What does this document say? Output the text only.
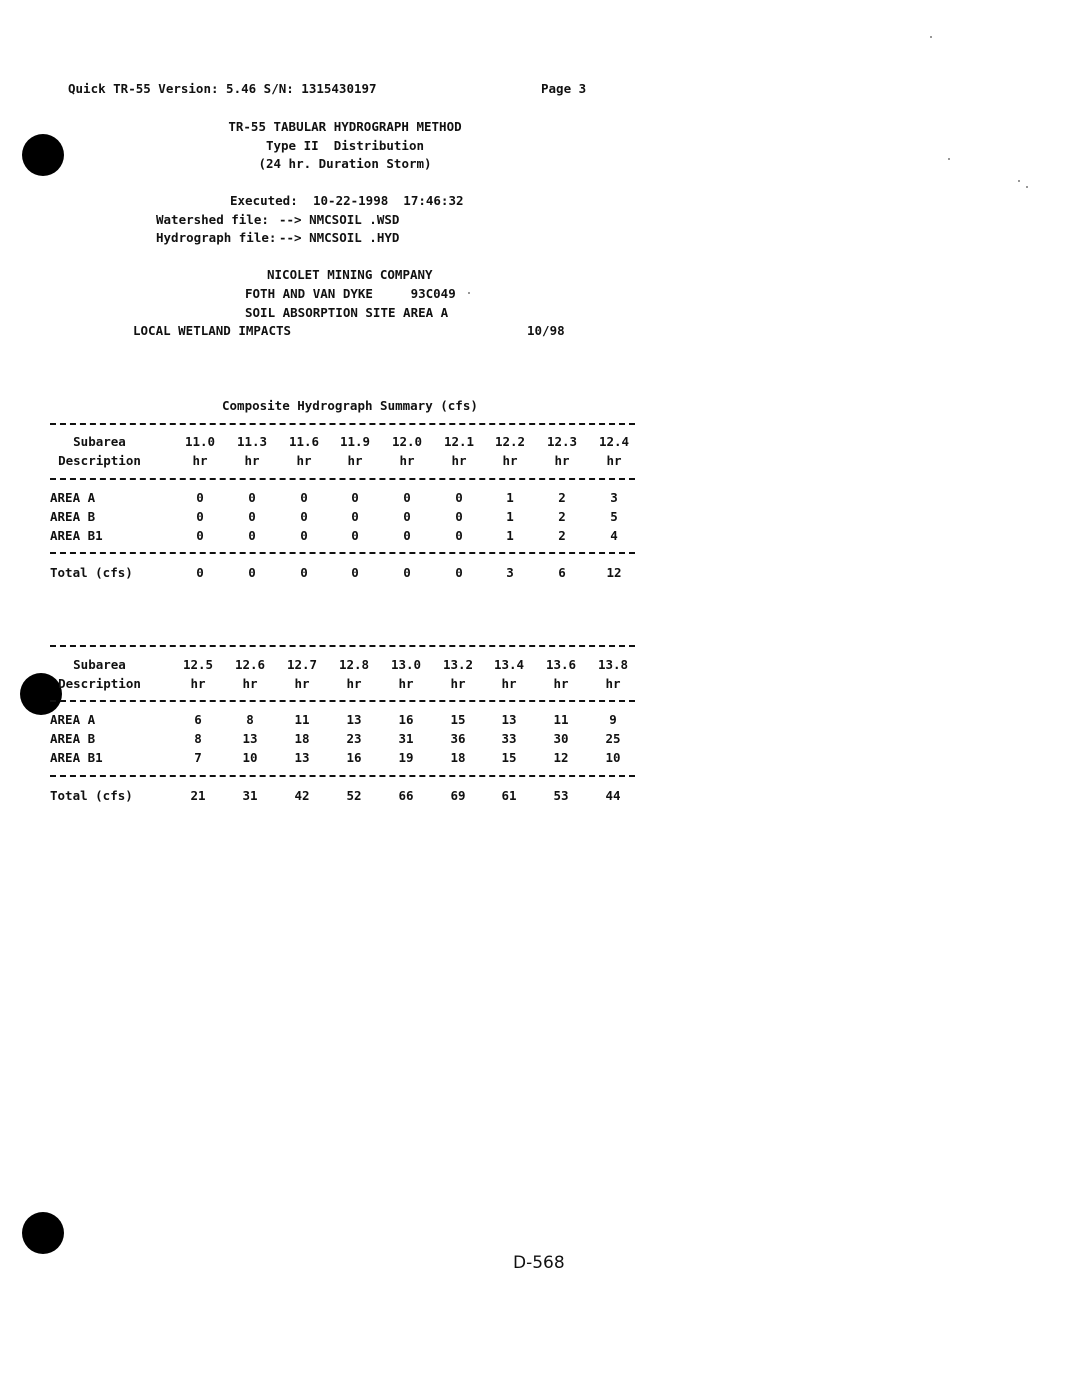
Quick TR-55 Version: 5.46 S/N: 1315430197	Page 3
TR-55 TABULAR HYDROGRAPH METHOD
Type II  Distribution
(24 hr. Duration Storm)
Executed: 10-22-1998  17:46:32
Watershed file: --> NMCSOIL .WSD
Hydrograph file: --> NMCSOIL .HYD
NICOLET MINING COMPANY
FOTH AND VAN DYKE     93C049
SOIL ABSORPTION SITE AREA A
LOCAL WETLAND IMPACTS	10/98
Composite Hydrograph Summary (cfs)
Subarea	11.0	11.3	11.6	11.9	12.0	12.1	12.2	12.3	12.4
Description	hr	hr	hr	hr	hr	hr	hr	hr	hr
AREA A	0	0	0	0	0	0	1	2	3
AREA B	0	0	0	0	0	0	1	2	5
AREA B1	0	0	0	0	0	0	1	2	4
Total (cfs)	0	0	0	0	0	0	3	6	12
Subarea	12.5	12.6	12.7	12.8	13.0	13.2	13.4	13.6	13.8
Description	hr	hr	hr	hr	hr	hr	hr	hr	hr
AREA A	6	8	11	13	16	15	13	11	9
AREA B	8	13	18	23	31	36	33	30	25
AREA B1	7	10	13	16	19	18	15	12	10
Total (cfs)	21	31	42	52	66	69	61	53	44
D-568
